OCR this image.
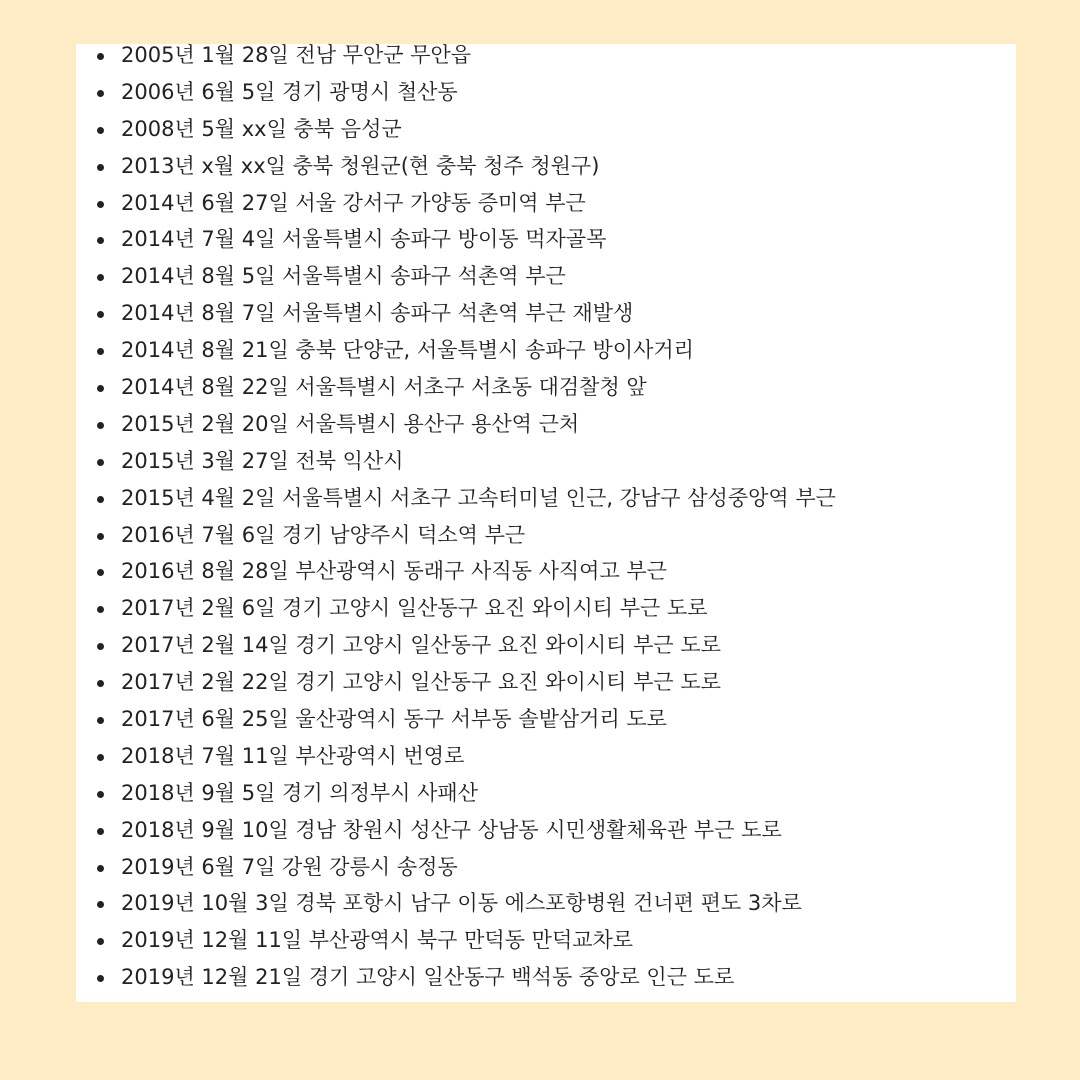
2005년 1월 28일 전남 무안군 무안읍
2006년 6월 5일 경기 광명시 철산동
2008년 5월 xx일 충북 음성군
2013년 x월 xx일 충북 청원군(현 충북 청주 청원구)
2014년 6월 27일 서울 강서구 가양동 증미역 부근
2014년 7월 4일 서울특별시 송파구 방이동 먹자골목
2014년 8월 5일 서울특별시 송파구 석촌역 부근
2014년 8월 7일 서울특별시 송파구 석촌역 부근 재발생
2014년 8월 21일 충북 단양군, 서울특별시 송파구 방이사거리
2014년 8월 22일 서울특별시 서초구 서초동 대검찰청 앞
2015년 2월 20일 서울특별시 용산구 용산역 근처
2015년 3월 27일 전북 익산시
2015년 4월 2일 서울특별시 서초구 고속터미널 인근, 강남구 삼성중앙역 부근
2016년 7월 6일 경기 남양주시 덕소역 부근
2016년 8월 28일 부산광역시 동래구 사직동 사직여고 부근
2017년 2월 6일 경기 고양시 일산동구 요진 와이시티 부근 도로
2017년 2월 14일 경기 고양시 일산동구 요진 와이시티 부근 도로
2017년 2월 22일 경기 고양시 일산동구 요진 와이시티 부근 도로
2017년 6월 25일 울산광역시 동구 서부동 솔밭삼거리 도로
2018년 7월 11일 부산광역시 번영로
2018년 9월 5일 경기 의정부시 사패산
2018년 9월 10일 경남 창원시 성산구 상남동 시민생활체육관 부근 도로
2019년 6월 7일 강원 강릉시 송정동
2019년 10월 3일 경북 포항시 남구 이동 에스포항병원 건너편 편도 3차로
2019년 12월 11일 부산광역시 북구 만덕동 만덕교차로
2019년 12월 21일 경기 고양시 일산동구 백석동 중앙로 인근 도로
